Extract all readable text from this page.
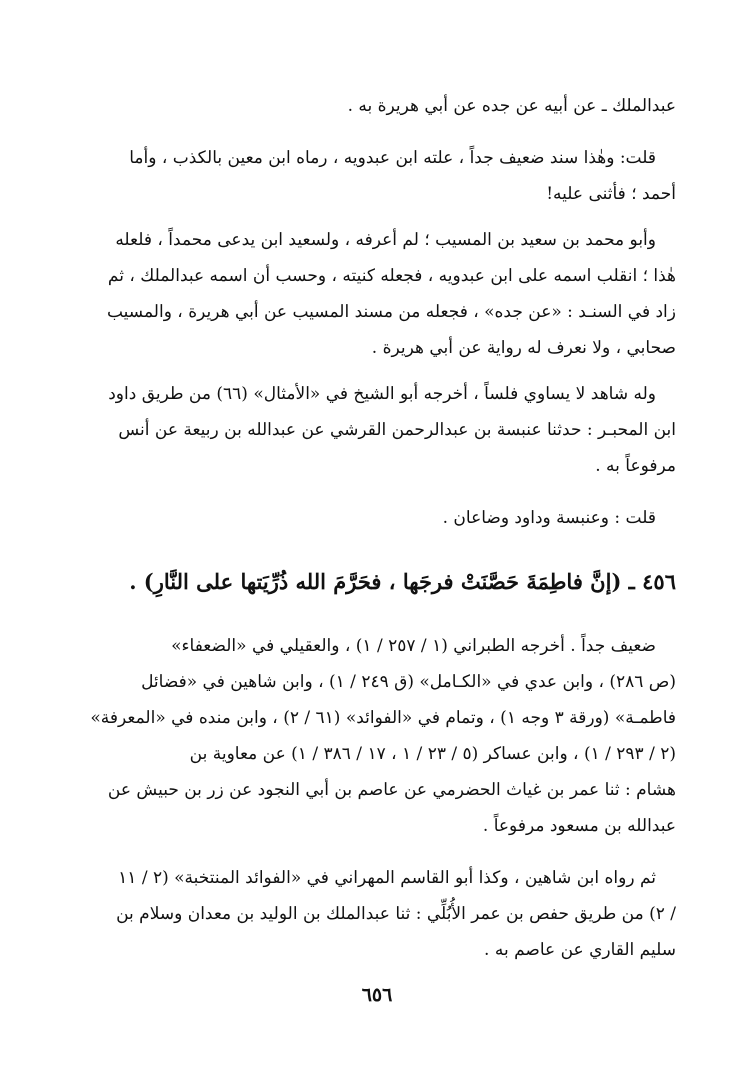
عبدالملك ـ عن أبيه عن جده عن أبي هريرة به .
قلت: وهٰذا سند ضعيف جداً ، علته ابن عبدويه ، رماه ابن معين بالكذب ، وأما
أحمد ؛ فأثنى عليه!
وأبو محمد بن سعيد بن المسيب ؛ لم أعرفه ، ولسعيد ابن يدعى محمداً ، فلعله
هٰذا ؛ انقلب اسمه على ابن عبدويه ، فجعله كنيته ، وحسب أن اسمه عبدالملك ، ثم
زاد في السنـد : «عن جده» ، فجعله من مسند المسيب عن أبي هريرة ، والمسيب
صحابي ، ولا نعرف له رواية عن أبي هريرة .
وله شاهد لا يساوي فلساً ، أخرجه أبو الشيخ في «الأمثال» (٦٦) من طريق داود
ابن المحبـر : حدثنا عنبسة بن عبدالرحمن القرشي عن عبدالله بن ربيعة عن أنس
مرفوعاً به .
قلت : وعنبسة وداود وضاعان .
٤٥٦ ـ (إنَّ فاطِمَةَ حَصَّنَتْ فرجَها ، فحَرَّمَ الله ذُرِّيَتها على النَّارِ) .
ضعيف جداً . أخرجه الطبراني (١ / ٢٥٧ / ١) ، والعقيلي في «الضعفاء»
(ص ٢٨٦) ، وابن عدي في «الكـامل» (ق ٢٤٩ / ١) ، وابن شاهين في «فضائل
فاطمـة» (ورقة ٣ وجه ١) ، وتمام في «الفوائد» (٦١ / ٢) ، وابن منده في «المعرفة»
(٢ / ٢٩٣ / ١) ، وابن عساكر (٥ / ٢٣ / ١ ، ١٧ / ٣٨٦ / ١) عن معاوية بن
هشام : ثنا عمر بن غياث الحضرمي عن عاصم بن أبي النجود عن زر بن حبيش عن
عبدالله بن مسعود مرفوعاً .
ثم رواه ابن شاهين ، وكذا أبو القاسم المهراني في «الفوائد المنتخبة» (٢ / ١١
/ ٢) من طريق حفص بن عمر الأُبُلِّي : ثنا عبدالملك بن الوليد بن معدان وسلام بن
سليم القاري عن عاصم به .
٦٥٦
